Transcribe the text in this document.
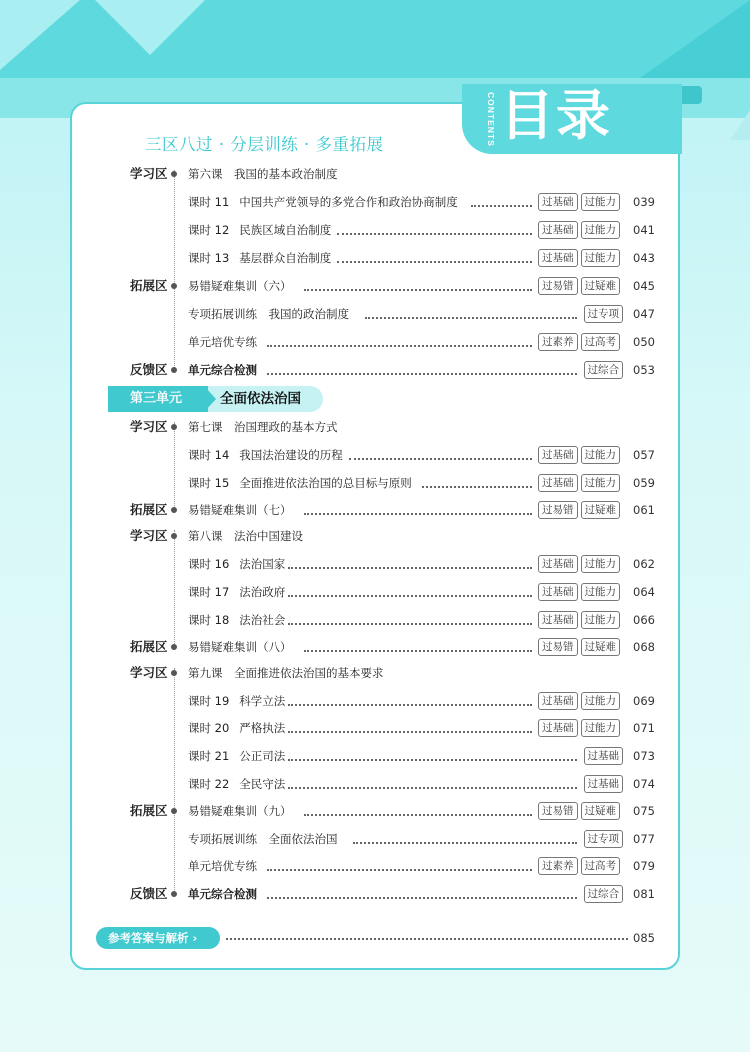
CONTENTS 目录
三区八过 · 分层训练 · 多重拓展
第三单元	全面依法治国
学习区 第六课　我国的基本政治制度
课时 11 中国共产党领导的多党合作和政治协商制度	过基础	过能力	039
课时 12 民族区域自治制度	过基础	过能力	041
课时 13 基层群众自治制度	过基础	过能力	043
拓展区 易错疑难集训（六）	过易错	过疑难	045
专项拓展训练　我国的政治制度	过专项	047
单元培优专练	过素养	过高考	050
反馈区 单元综合检测	过综合	053
学习区 第七课　治国理政的基本方式
课时 14 我国法治建设的历程	过基础	过能力	057
课时 15 全面推进依法治国的总目标与原则	过基础	过能力	059
拓展区 易错疑难集训（七）	过易错	过疑难	061
学习区 第八课　法治中国建设
课时 16 法治国家	过基础	过能力	062
课时 17 法治政府	过基础	过能力	064
课时 18 法治社会	过基础	过能力	066
拓展区 易错疑难集训（八）	过易错	过疑难	068
学习区 第九课　全面推进依法治国的基本要求
课时 19 科学立法	过基础	过能力	069
课时 20 严格执法	过基础	过能力	071
课时 21 公正司法	过基础	073
课时 22 全民守法	过基础	074
拓展区 易错疑难集训（九）	过易错	过疑难	075
专项拓展训练　全面依法治国	过专项	077
单元培优专练	过素养	过高考	079
反馈区 单元综合检测	过综合	081
参考答案与解析 ›	085
